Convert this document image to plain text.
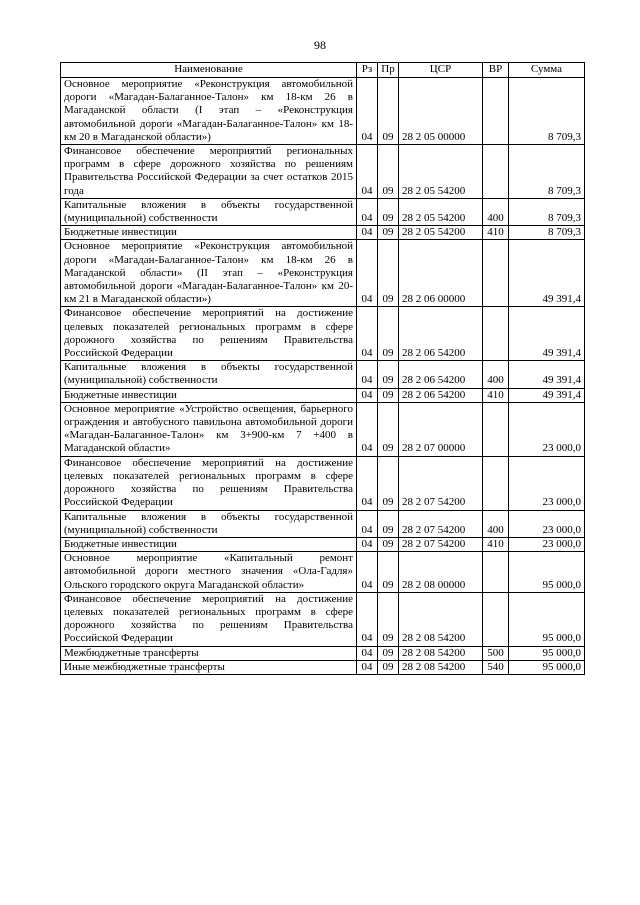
98
Наименование	Рз	Пр	ЦСР	ВР	Сумма
Основное мероприятие «Реконструкция автомобильной дороги «Магадан-Балаганное-Талон» км 18-км 26 в Магаданской области (I этап – «Реконструкция автомобильной дороги «Магадан-Балаганное-Талон» км 18-км 20 в Магаданской области»)	04	09	28 2 05 00000		8 709,3
Финансовое обеспечение мероприятий региональных программ в сфере дорожного хозяйства по решениям Правительства Российской Федерации за счет остатков 2015 года	04	09	28 2 05 54200		8 709,3
Капитальные вложения в объекты государственной (муниципальной) собственности	04	09	28 2 05 54200	400	8 709,3
Бюджетные инвестиции	04	09	28 2 05 54200	410	8 709,3
Основное мероприятие «Реконструкция автомобильной дороги «Магадан-Балаганное-Талон» км 18-км 26 в Магаданской области» (II этап – «Реконструкция автомобильной дороги «Магадан-Балаганное-Талон» км 20-км 21 в Магаданской области»)	04	09	28 2 06 00000		49 391,4
Финансовое обеспечение мероприятий на достижение целевых показателей региональных программ в сфере дорожного хозяйства по решениям Правительства Российской Федерации	04	09	28 2 06 54200		49 391,4
Капитальные вложения в объекты государственной (муниципальной) собственности	04	09	28 2 06 54200	400	49 391,4
Бюджетные инвестиции	04	09	28 2 06 54200	410	49 391,4
Основное мероприятие «Устройство освещения, барьерного ограждения и автобусного павильона автомобильной дороги «Магадан-Балаганное-Талон» км 3+900-км 7 +400 в Магаданской области»	04	09	28 2 07 00000		23 000,0
Финансовое обеспечение мероприятий на достижение целевых показателей региональных программ в сфере дорожного хозяйства по решениям Правительства Российской Федерации	04	09	28 2 07 54200		23 000,0
Капитальные вложения в объекты государственной (муниципальной) собственности	04	09	28 2 07 54200	400	23 000,0
Бюджетные инвестиции	04	09	28 2 07 54200	410	23 000,0
Основное мероприятие «Капитальный ремонт автомобильной дороги местного значения «Ола-Гадля» Ольского городского округа Магаданской области»	04	09	28 2 08 00000		95 000,0
Финансовое обеспечение мероприятий на достижение целевых показателей региональных программ в сфере дорожного хозяйства по решениям Правительства Российской Федерации	04	09	28 2 08 54200		95 000,0
Межбюджетные трансферты	04	09	28 2 08 54200	500	95 000,0
Иные межбюджетные трансферты	04	09	28 2 08 54200	540	95 000,0
